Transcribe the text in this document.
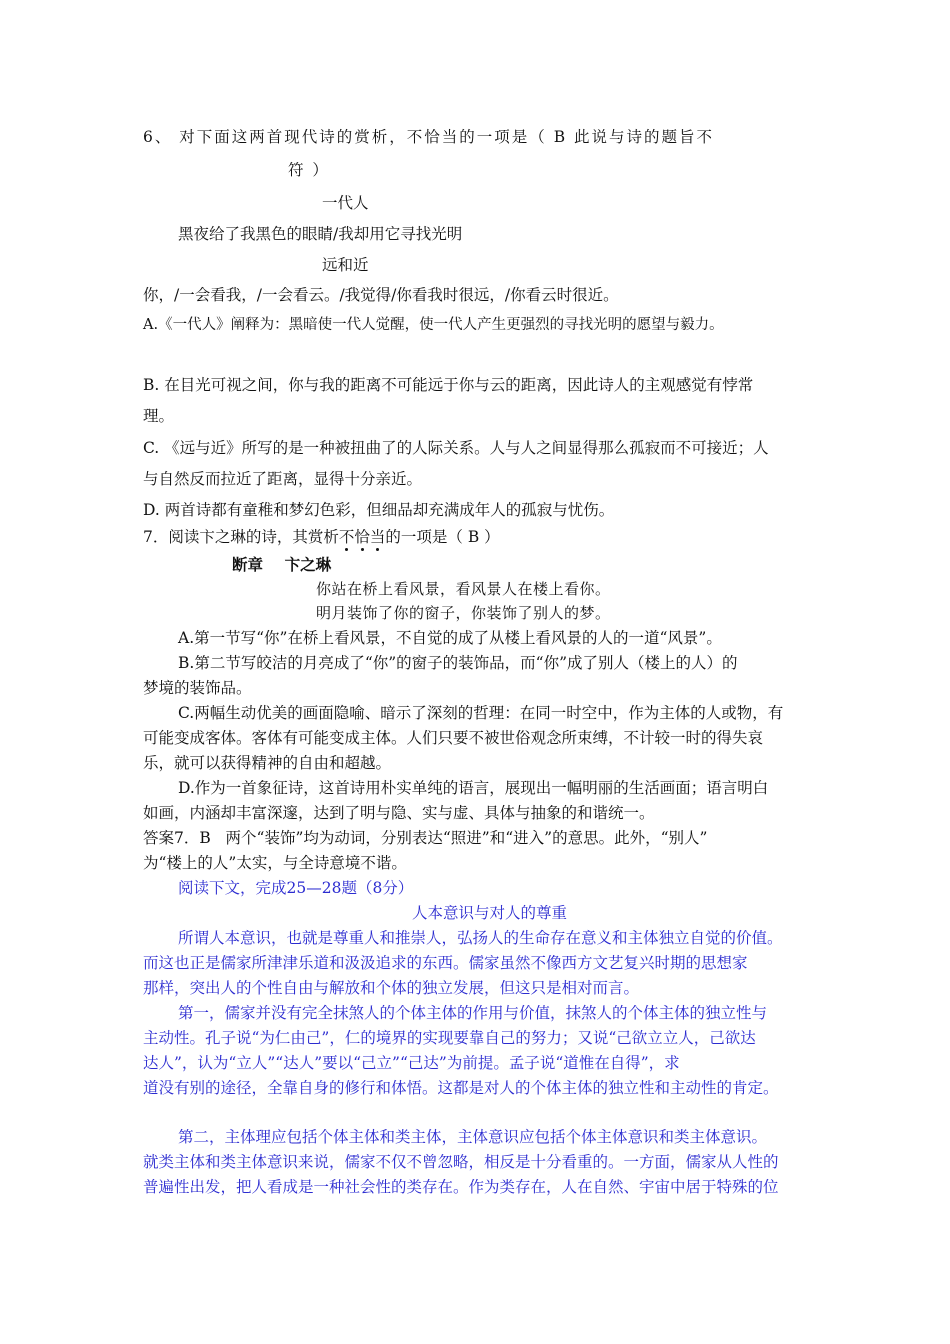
6、 对下面这两首现代诗的赏析，不恰当的一项是（ B 此说与诗的题旨不
符 ）
一代人
黑夜给了我黑色的眼睛/我却用它寻找光明
远和近
你，/一会看我，/一会看云。/我觉得/你看我时很远，/你看云时很近。
A.《一代人》阐释为：黑暗使一代人觉醒，使一代人产生更强烈的寻找光明的愿望与毅力。
B. 在目光可视之间，你与我的距离不可能远于你与云的距离，因此诗人的主观感觉有悖常
理。
C. 《远与近》所写的是一种被扭曲了的人际关系。人与人之间显得那么孤寂而不可接近；人
与自然反而拉近了距离，显得十分亲近。
D. 两首诗都有童稚和梦幻色彩，但细品却充满成年人的孤寂与忧伤。
7．阅读卞之琳的诗，其赏析不恰当的一项是（ B ）
断章    卞之琳
你站在桥上看风景，看风景人在楼上看你。
明月装饰了你的窗子，你装饰了别人的梦。
A.第一节写“你”在桥上看风景，不自觉的成了从楼上看风景的人的一道“风景”。
B.第二节写皎洁的月亮成了“你”的窗子的装饰品，而“你”成了别人（楼上的人）的
梦境的装饰品。
C.两幅生动优美的画面隐喻、暗示了深刻的哲理：在同一时空中，作为主体的人或物，有
可能变成客体。客体有可能变成主体。人们只要不被世俗观念所束缚，不计较一时的得失哀
乐，就可以获得精神的自由和超越。
D.作为一首象征诗，这首诗用朴实单纯的语言，展现出一幅明丽的生活画面；语言明白
如画，内涵却丰富深邃，达到了明与隐、实与虚、具体与抽象的和谐统一。
答案7．B   两个“装饰”均为动词，分别表达“照进”和“进入”的意思。此外，“别人”
为“楼上的人”太实，与全诗意境不谐。
阅读下文，完成25—28题（8分）
人本意识与对人的尊重
所谓人本意识，也就是尊重人和推崇人，弘扬人的生命存在意义和主体独立自觉的价值。
而这也正是儒家所津津乐道和汲汲追求的东西。儒家虽然不像西方文艺复兴时期的思想家
那样，突出人的个性自由与解放和个体的独立发展，但这只是相对而言。
第一，儒家并没有完全抹煞人的个体主体的作用与价值，抹煞人的个体主体的独立性与
主动性。孔子说“为仁由己”，仁的境界的实现要靠自己的努力；又说“己欲立立人，己欲达
达人”，认为“立人”“达人”要以“己立”“己达”为前提。孟子说“道惟在自得”，求
道没有别的途径，全靠自身的修行和体悟。这都是对人的个体主体的独立性和主动性的肯定。
第二，主体理应包括个体主体和类主体，主体意识应包括个体主体意识和类主体意识。
就类主体和类主体意识来说，儒家不仅不曾忽略，相反是十分看重的。一方面，儒家从人性的
普遍性出发，把人看成是一种社会性的类存在。作为类存在，人在自然、宇宙中居于特殊的位
